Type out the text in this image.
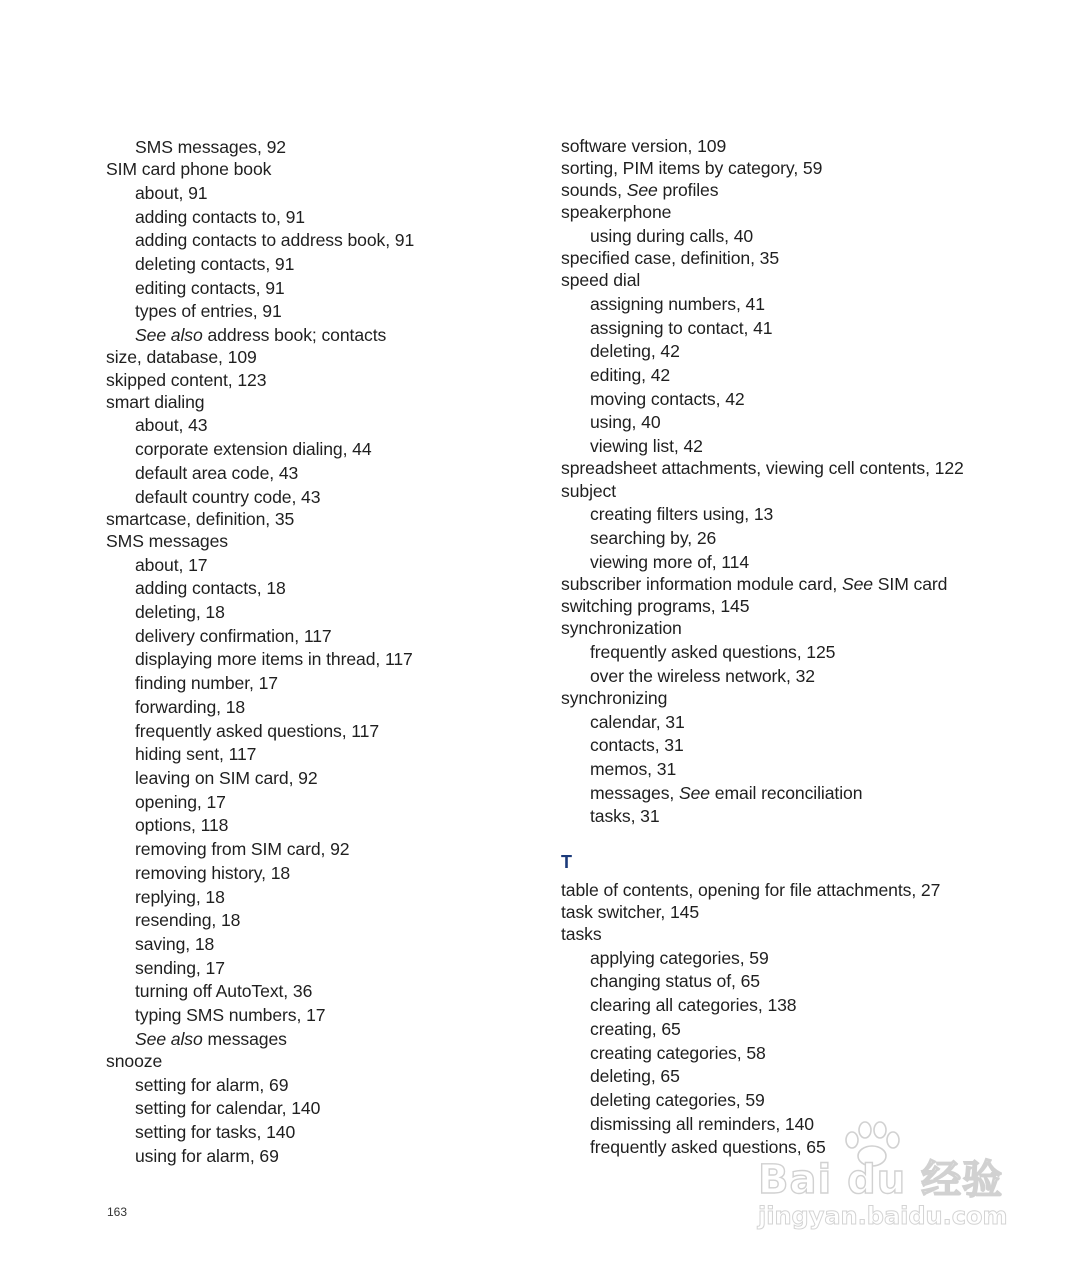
SMS messages, 92
SIM card phone book
about, 91
adding contacts to, 91
adding contacts to address book, 91
deleting contacts, 91
editing contacts, 91
types of entries, 91
See also address book; contacts
size, database, 109
skipped content, 123
smart dialing
about, 43
corporate extension dialing, 44
default area code, 43
default country code, 43
smartcase, definition, 35
SMS messages
about, 17
adding contacts, 18
deleting, 18
delivery confirmation, 117
displaying more items in thread, 117
finding number, 17
forwarding, 18
frequently asked questions, 117
hiding sent, 117
leaving on SIM card, 92
opening, 17
options, 118
removing from SIM card, 92
removing history, 18
replying, 18
resending, 18
saving, 18
sending, 17
turning off AutoText, 36
typing SMS numbers, 17
See also messages
snooze
setting for alarm, 69
setting for calendar, 140
setting for tasks, 140
using for alarm, 69
software version, 109
sorting, PIM items by category, 59
sounds, See profiles
speakerphone
using during calls, 40
specified case, definition, 35
speed dial
assigning numbers, 41
assigning to contact, 41
deleting, 42
editing, 42
moving contacts, 42
using, 40
viewing list, 42
spreadsheet attachments, viewing cell contents, 122
subject
creating filters using, 13
searching by, 26
viewing more of, 114
subscriber information module card, See SIM card
switching programs, 145
synchronization
frequently asked questions, 125
over the wireless network, 32
synchronizing
calendar, 31
contacts, 31
memos, 31
messages, See email reconciliation
tasks, 31
T
table of contents, opening for file attachments, 27
task switcher, 145
tasks
applying categories, 59
changing status of, 65
clearing all categories, 138
creating, 65
creating categories, 58
deleting, 65
deleting categories, 59
dismissing all reminders, 140
frequently asked questions, 65
163
Bai du 经验
jingyan.baidu.com
